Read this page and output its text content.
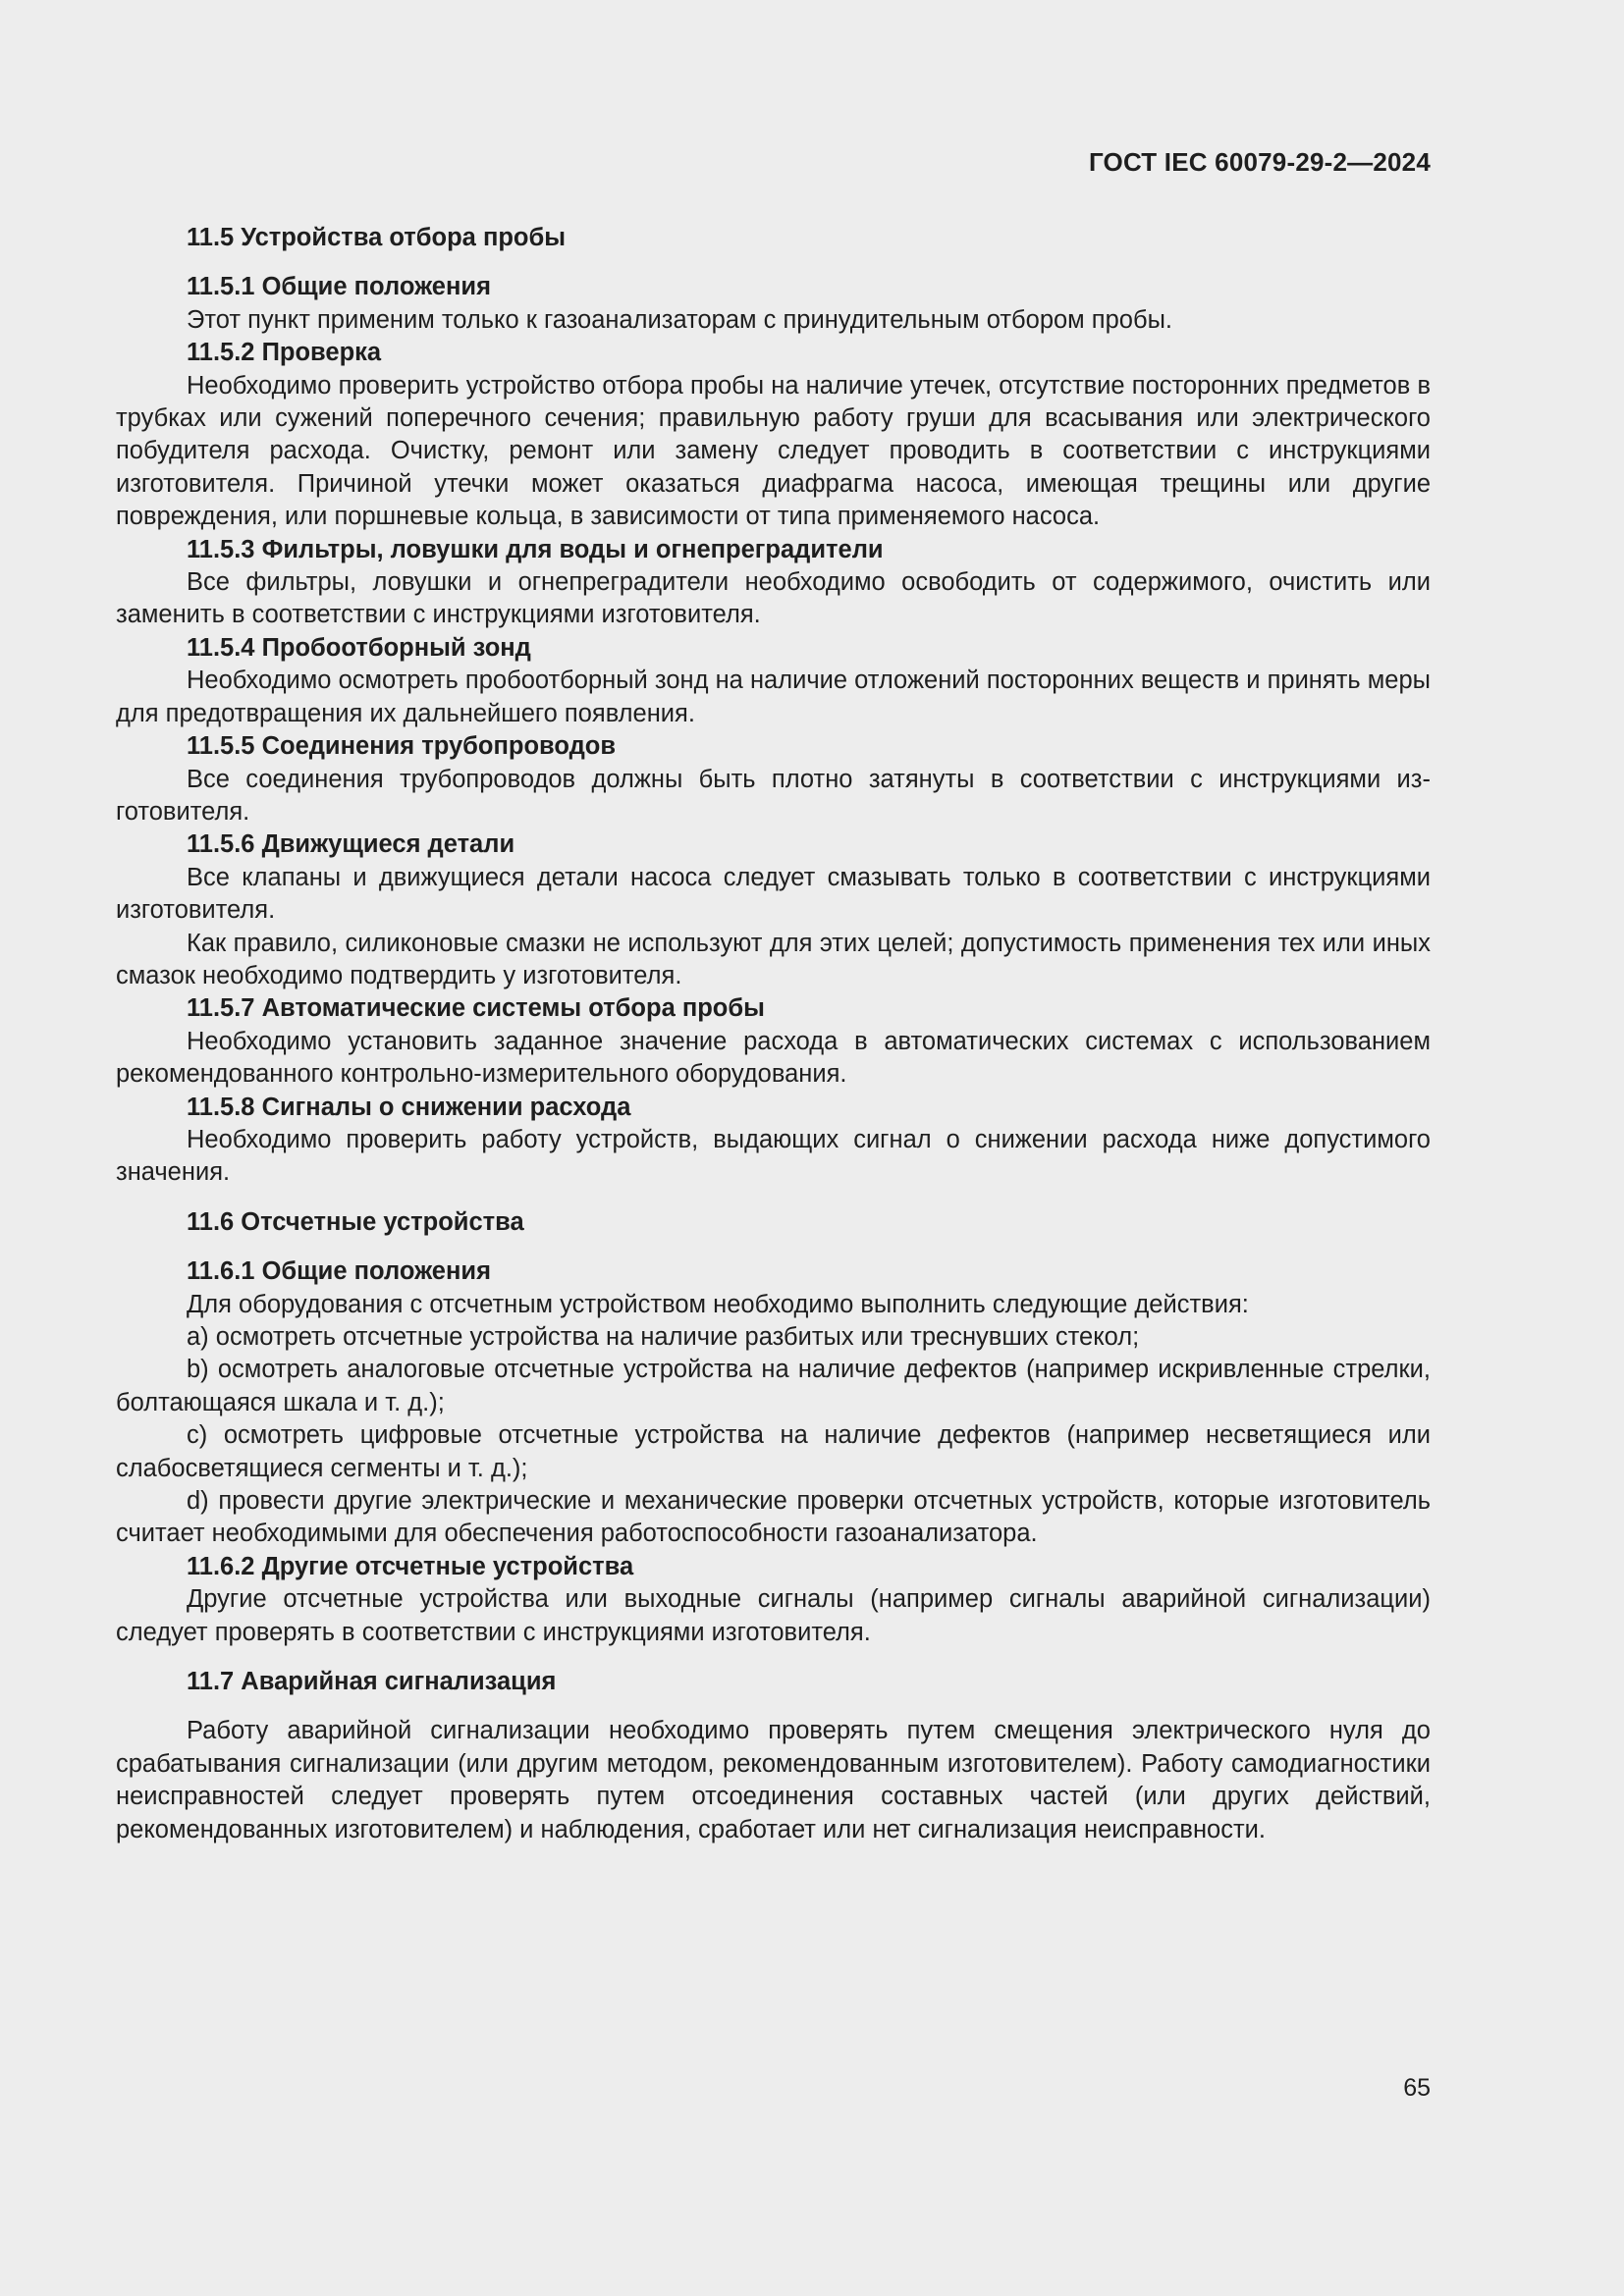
ГОСТ IEC 60079-29-2—2024
11.5 Устройства отбора пробы
11.5.1 Общие положения

Этот пункт применим только к газоанализаторам с принудительным отбором пробы.

11.5.2 Проверка

Необходимо проверить устройство отбора пробы на наличие утечек, отсутствие посторонних предметов в трубках или сужений поперечного сечения; правильную работу груши для всасывания или электрического побудителя расхода. Очистку, ремонт или замену следует проводить в соответствии с инструкциями изготовителя. Причиной утечки может оказаться диафрагма насоса, имеющая трещины или другие повреждения, или поршневые кольца, в зависимости от типа применяемого насоса.

11.5.3 Фильтры, ловушки для воды и огнепреградители

Все фильтры, ловушки и огнепреградители необходимо освободить от содержимого, очистить или заменить в соответствии с инструкциями изготовителя.

11.5.4 Пробоотборный зонд

Необходимо осмотреть пробоотборный зонд на наличие отложений посторонних веществ и принять меры для предотвращения их дальнейшего появления.

11.5.5 Соединения трубопроводов

Все соединения трубопроводов должны быть плотно затянуты в соответствии с инструкциями изготовителя.

11.5.6 Движущиеся детали

Все клапаны и движущиеся детали насоса следует смазывать только в соответствии с инструкциями изготовителя.

Как правило, силиконовые смазки не используют для этих целей; допустимость применения тех или иных смазок необходимо подтвердить у изготовителя.

11.5.7 Автоматические системы отбора пробы

Необходимо установить заданное значение расхода в автоматических системах с использованием рекомендованного контрольно-измерительного оборудования.

11.5.8 Сигналы о снижении расхода

Необходимо проверить работу устройств, выдающих сигнал о снижении расхода ниже допустимого значения.

11.6 Отсчетные устройства
11.6.1 Общие положения

Для оборудования с отсчетным устройством необходимо выполнить следующие действия:

a) осмотреть отсчетные устройства на наличие разбитых или треснувших стекол;

b) осмотреть аналоговые отсчетные устройства на наличие дефектов (например искривленные стрелки, болтающаяся шкала и т. д.);

c) осмотреть цифровые отсчетные устройства на наличие дефектов (например несветящиеся или слабосветящиеся сегменты и т. д.);

d) провести другие электрические и механические проверки отсчетных устройств, которые изготовитель считает необходимыми для обеспечения работоспособности газоанализатора.

11.6.2 Другие отсчетные устройства

Другие отсчетные устройства или выходные сигналы (например сигналы аварийной сигнализации) следует проверять в соответствии с инструкциями изготовителя.

11.7 Аварийная сигнализация

Работу аварийной сигнализации необходимо проверять путем смещения электрического нуля до срабатывания сигнализации (или другим методом, рекомендованным изготовителем). Работу самодиагностики неисправностей следует проверять путем отсоединения составных частей (или других действий, рекомендованных изготовителем) и наблюдения, сработает или нет сигнализация неисправности.

65
